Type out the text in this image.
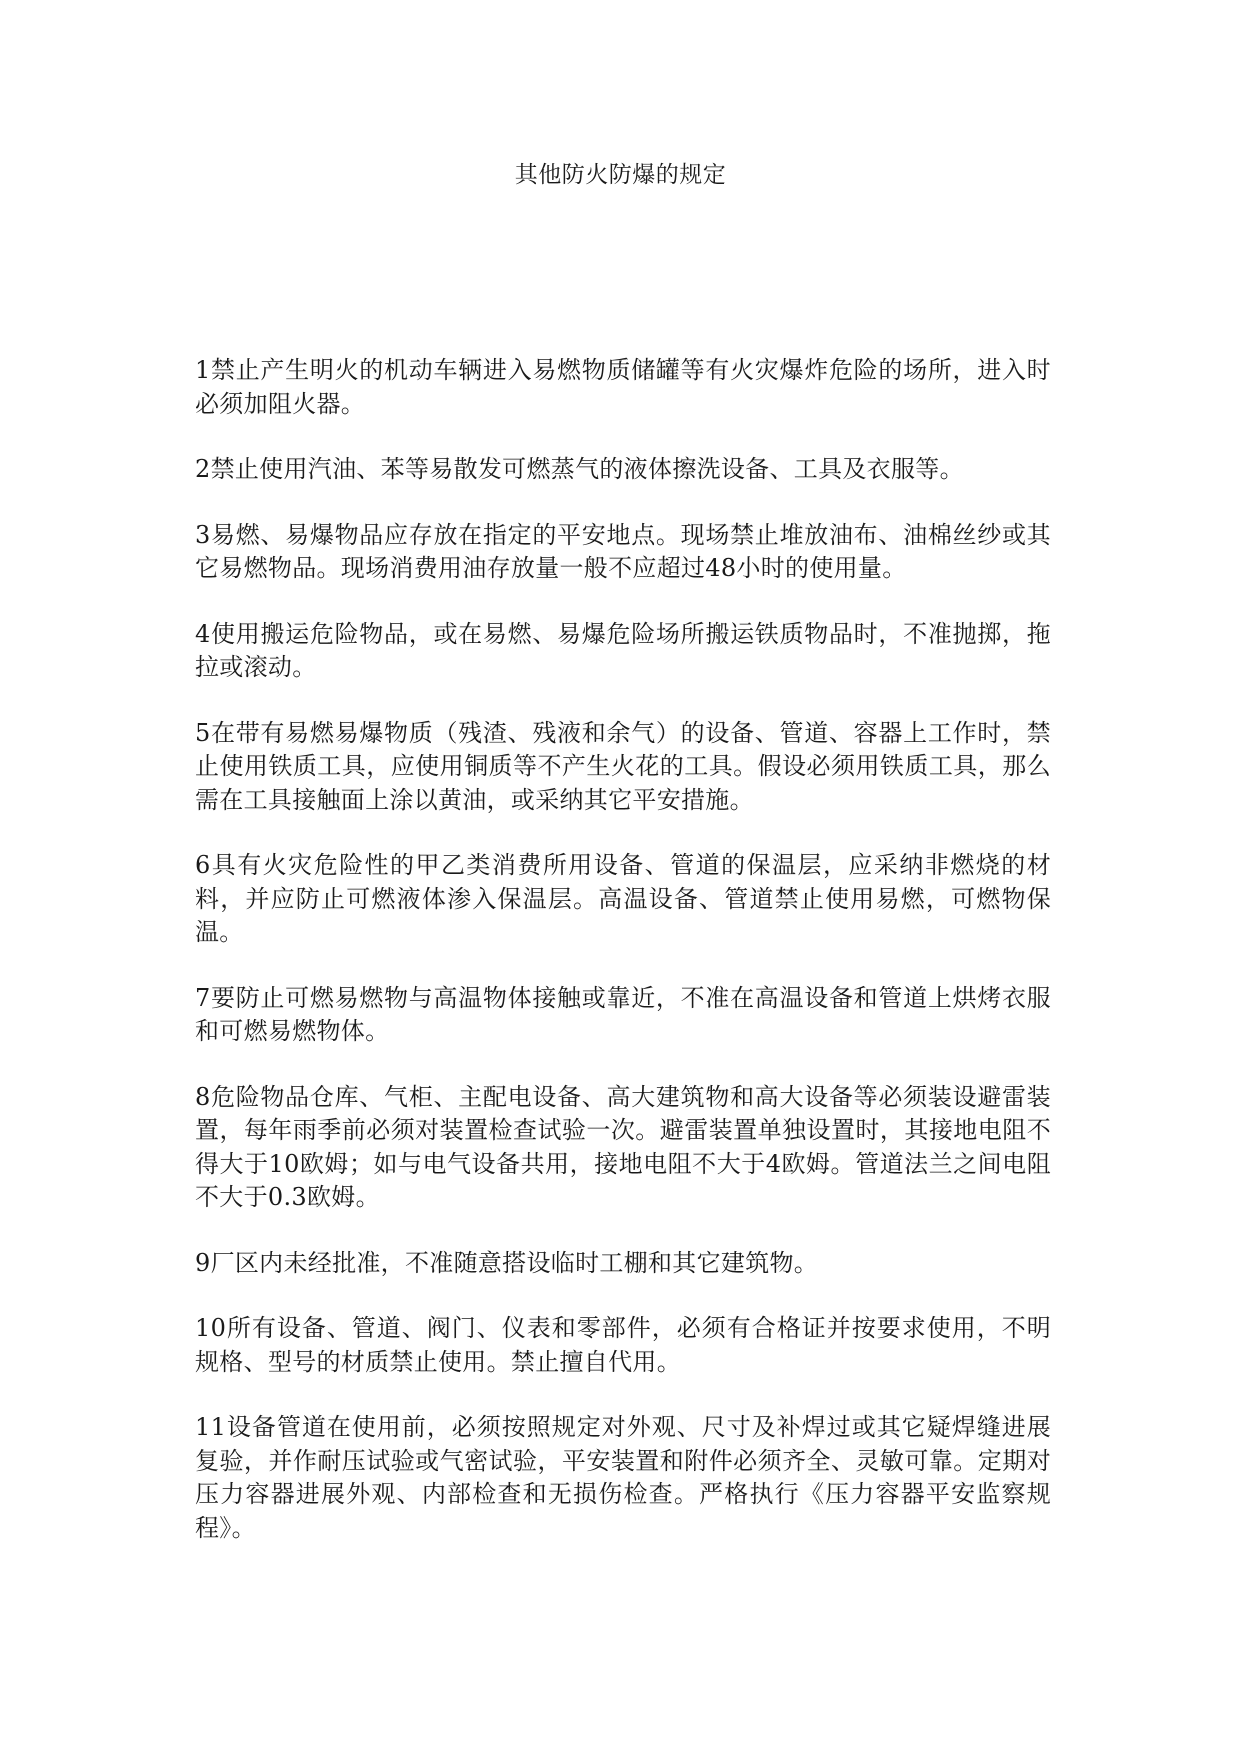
其他防火防爆的规定

1禁止产生明火的机动车辆进入易燃物质储罐等有火灾爆炸危险的场所，进入时必须加阻火器。

2禁止使用汽油、苯等易散发可燃蒸气的液体擦洗设备、工具及衣服等。

3易燃、易爆物品应存放在指定的平安地点。现场禁止堆放油布、油棉丝纱或其它易燃物品。现场消费用油存放量一般不应超过48小时的使用量。

4使用搬运危险物品，或在易燃、易爆危险场所搬运铁质物品时，不准抛掷，拖拉或滚动。

5在带有易燃易爆物质（残渣、残液和余气）的设备、管道、容器上工作时，禁止使用铁质工具，应使用铜质等不产生火花的工具。假设必须用铁质工具，那么需在工具接触面上涂以黄油，或采纳其它平安措施。

6具有火灾危险性的甲乙类消费所用设备、管道的保温层，应采纳非燃烧的材料，并应防止可燃液体渗入保温层。高温设备、管道禁止使用易燃，可燃物保温。

7要防止可燃易燃物与高温物体接触或靠近，不准在高温设备和管道上烘烤衣服和可燃易燃物体。

8危险物品仓库、气柜、主配电设备、高大建筑物和高大设备等必须装设避雷装置，每年雨季前必须对装置检查试验一次。避雷装置单独设置时，其接地电阻不得大于10欧姆；如与电气设备共用，接地电阻不大于4欧姆。管道法兰之间电阻不大于0.3欧姆。

9厂区内未经批准，不准随意搭设临时工棚和其它建筑物。

10所有设备、管道、阀门、仪表和零部件，必须有合格证并按要求使用，不明规格、型号的材质禁止使用。禁止擅自代用。

11设备管道在使用前，必须按照规定对外观、尺寸及补焊过或其它疑焊缝进展复验，并作耐压试验或气密试验，平安装置和附件必须齐全、灵敏可靠。定期对压力容器进展外观、内部检查和无损伤检查。严格执行《压力容器平安监察规程》。
